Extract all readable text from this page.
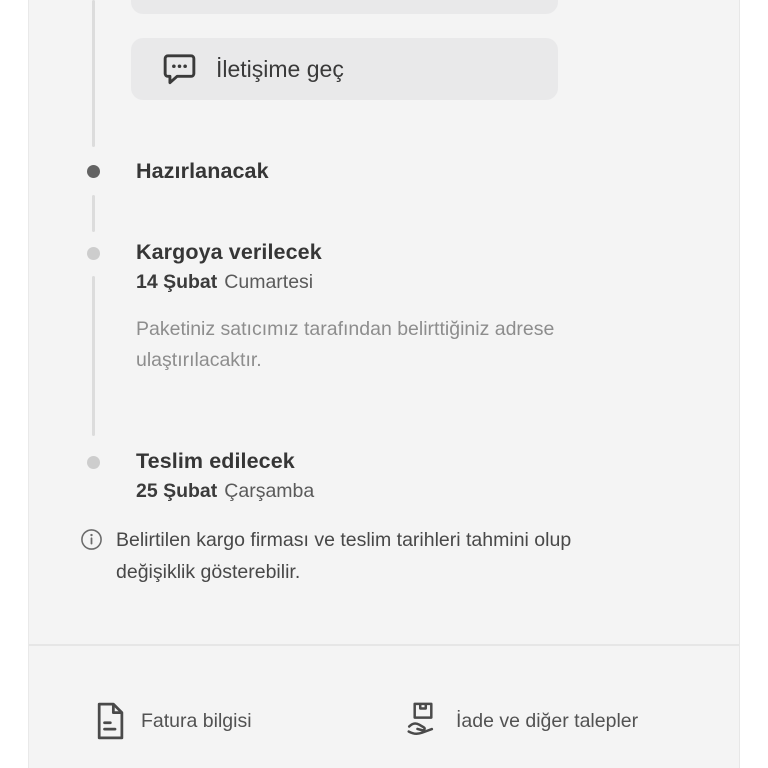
İletişime geç
Hazırlanacak
Kargoya verilecek
14 Şubat Cumartesi
Paketiniz satıcımız tarafından belirttiğiniz adrese ulaştırılacaktır.
Teslim edilecek
25 Şubat Çarşamba
Belirtilen kargo firması ve teslim tarihleri tahmini olup değişiklik gösterebilir.
Fatura bilgisi	İade ve diğer talepler
